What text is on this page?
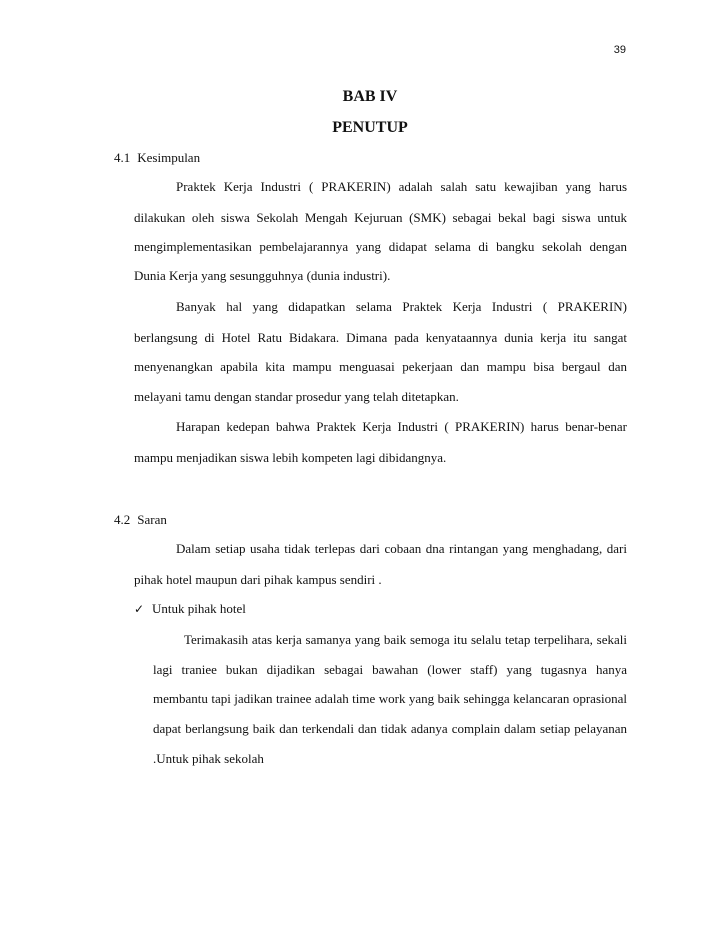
39
BAB IV
PENUTUP
4.1 Kesimpulan
Praktek Kerja Industri ( PRAKERIN) adalah salah satu kewajiban yang harus
dilakukan oleh siswa Sekolah Mengah Kejuruan (SMK) sebagai bekal bagi siswa untuk
mengimplementasikan pembelajarannya yang didapat selama di bangku sekolah dengan
Dunia Kerja yang sesungguhnya (dunia industri).
Banyak hal yang didapatkan selama Praktek Kerja Industri ( PRAKERIN)
berlangsung di Hotel Ratu Bidakara. Dimana pada kenyataannya dunia kerja itu sangat
menyenangkan apabila kita mampu menguasai pekerjaan dan mampu bisa bergaul dan
melayani tamu dengan standar prosedur yang telah ditetapkan.
Harapan kedepan bahwa Praktek Kerja Industri ( PRAKERIN) harus benar-benar
mampu menjadikan siswa lebih kompeten lagi dibidangnya.
4.2 Saran
Dalam setiap usaha tidak terlepas dari cobaan dna rintangan yang menghadang, dari
pihak hotel maupun dari pihak kampus sendiri .
✓ Untuk pihak hotel
Terimakasih atas kerja samanya yang baik semoga itu selalu tetap terpelihara, sekali
lagi traniee bukan dijadikan sebagai bawahan (lower staff) yang tugasnya hanya
membantu tapi jadikan trainee adalah time work yang baik sehingga kelancaran oprasional
dapat berlangsung baik dan terkendali dan tidak adanya complain dalam setiap pelayanan
.Untuk pihak sekolah
